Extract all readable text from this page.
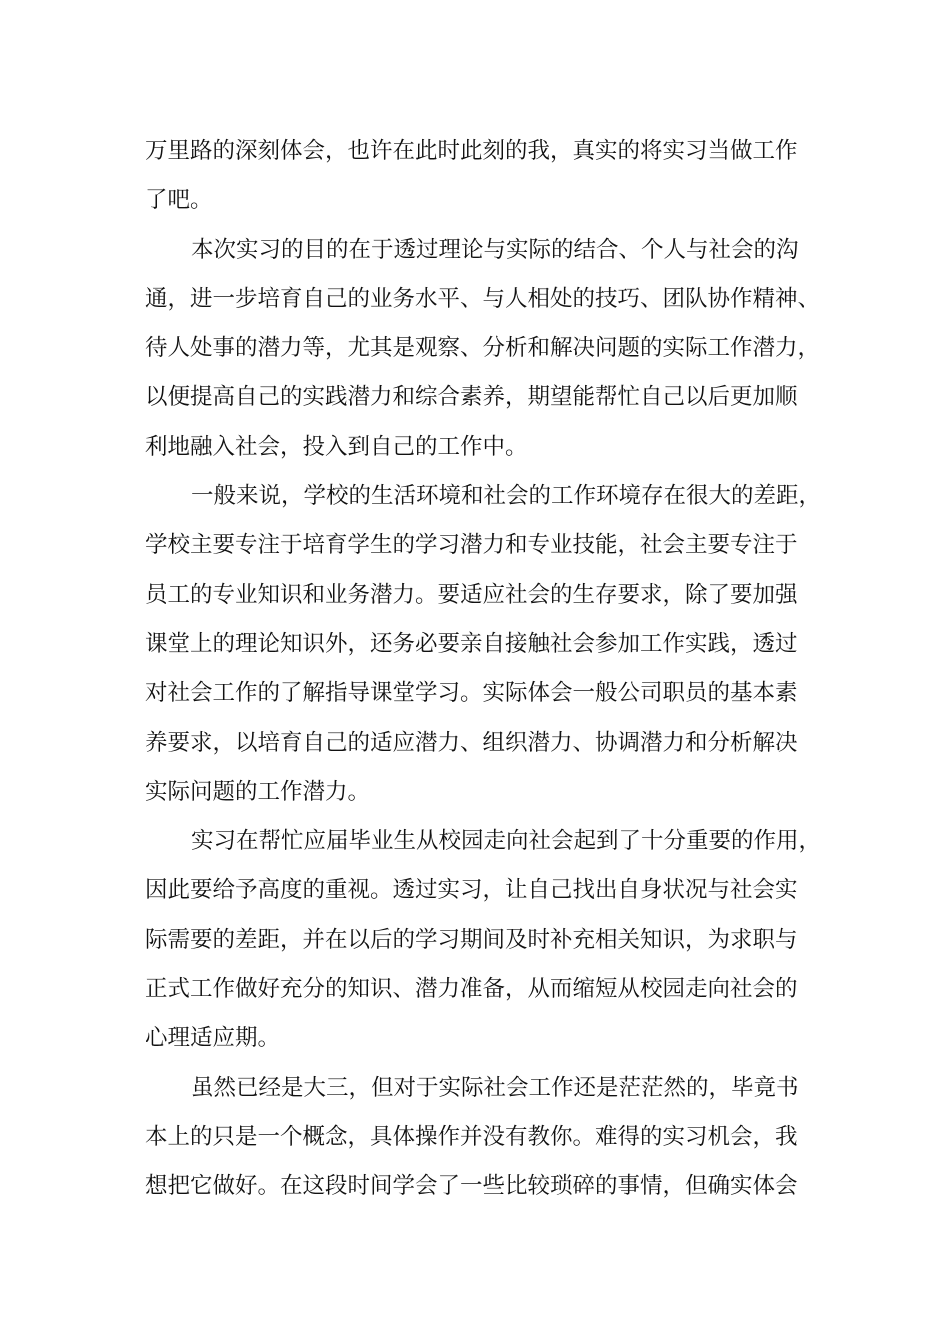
万里路的深刻体会，也许在此时此刻的我，真实的将实习当做工作
了吧。
本次实习的目的在于透过理论与实际的结合、个人与社会的沟
通，进一步培育自己的业务水平、与人相处的技巧、团队协作精神、
待人处事的潜力等，尤其是观察、分析和解决问题的实际工作潜力，
以便提高自己的实践潜力和综合素养，期望能帮忙自己以后更加顺
利地融入社会，投入到自己的工作中。
一般来说，学校的生活环境和社会的工作环境存在很大的差距，
学校主要专注于培育学生的学习潜力和专业技能，社会主要专注于
员工的专业知识和业务潜力。要适应社会的生存要求，除了要加强
课堂上的理论知识外，还务必要亲自接触社会参加工作实践，透过
对社会工作的了解指导课堂学习。实际体会一般公司职员的基本素
养要求，以培育自己的适应潜力、组织潜力、协调潜力和分析解决
实际问题的工作潜力。
实习在帮忙应届毕业生从校园走向社会起到了十分重要的作用，
因此要给予高度的重视。透过实习，让自己找出自身状况与社会实
际需要的差距，并在以后的学习期间及时补充相关知识，为求职与
正式工作做好充分的知识、潜力准备，从而缩短从校园走向社会的
心理适应期。
虽然已经是大三，但对于实际社会工作还是茫茫然的，毕竟书
本上的只是一个概念，具体操作并没有教你。难得的实习机会，我
想把它做好。在这段时间学会了一些比较琐碎的事情，但确实体会
